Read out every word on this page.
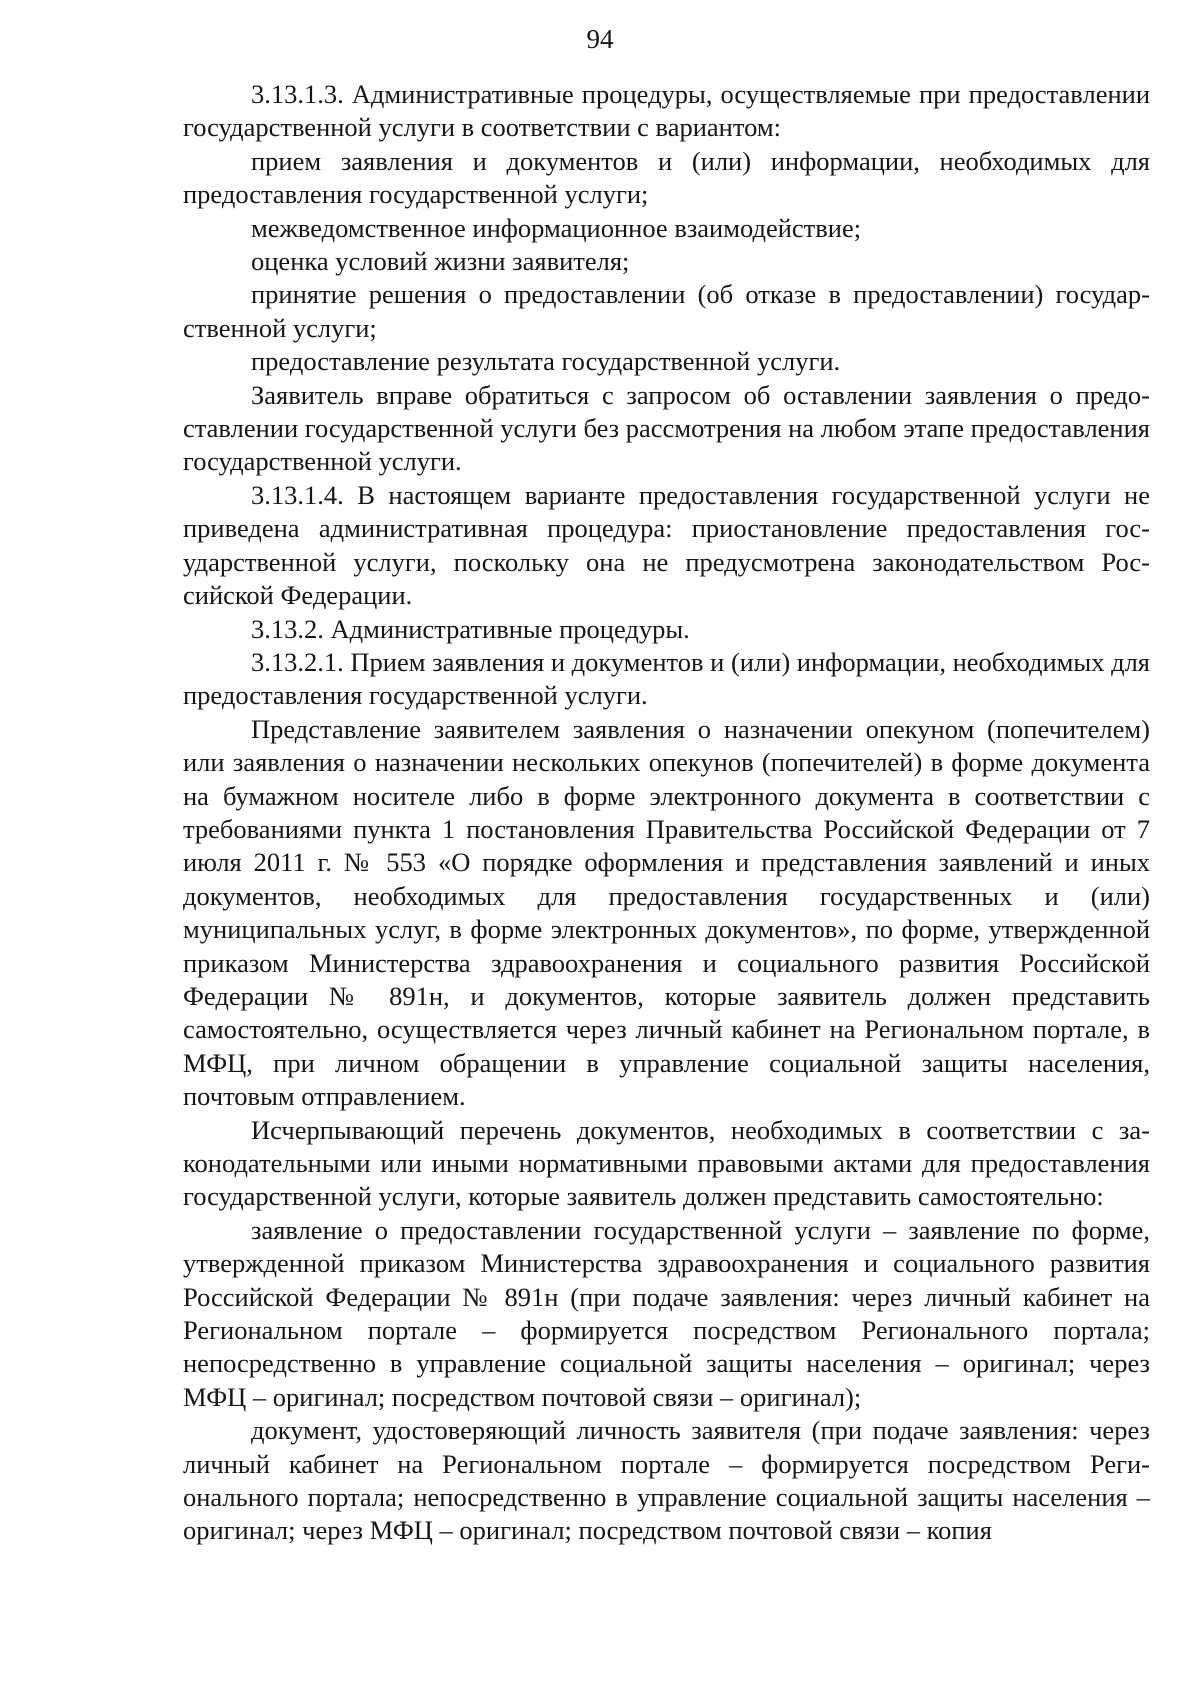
94

3.13.1.3. Административные процедуры, осуществляемые при предоставлении государственной услуги в соответствии с вариантом:

прием заявления и документов и (или) информации, необходимых для предоставления государственной услуги;

межведомственное информационное взаимодействие;

оценка условий жизни заявителя;

принятие решения о предоставлении (об отказе в предоставлении) государственной услуги;

предоставление результата государственной услуги.

Заявитель вправе обратиться с запросом об оставлении заявления о предоставлении государственной услуги без рассмотрения на любом этапе предоставления государственной услуги.

3.13.1.4. В настоящем варианте предоставления государственной услуги не приведена административная процедура: приостановление предоставления государственной услуги, поскольку она не предусмотрена законодательством Российской Федерации.

3.13.2. Административные процедуры.

3.13.2.1. Прием заявления и документов и (или) информации, необходимых для предоставления государственной услуги.

Представление заявителем заявления о назначении опекуном (попечителем) или заявления о назначении нескольких опекунов (попечителей) в форме документа на бумажном носителе либо в форме электронного документа в соответствии с требованиями пункта 1 постановления Правительства Российской Федерации от 7 июля 2011 г. № 553 «О порядке оформления и представления заявлений и иных документов, необходимых для предоставления государственных и (или) муниципальных услуг, в форме электронных документов», по форме, утвержденной приказом Министерства здравоохранения и социального развития Российской Федерации № 891н, и документов, которые заявитель должен представить самостоятельно, осуществляется через личный кабинет на Региональном портале, в МФЦ, при личном обращении в управление социальной защиты населения, почтовым отправлением.

Исчерпывающий перечень документов, необходимых в соответствии с законодательными или иными нормативными правовыми актами для предоставления государственной услуги, которые заявитель должен представить самостоятельно:

заявление о предоставлении государственной услуги – заявление по форме, утвержденной приказом Министерства здравоохранения и социального развития Российской Федерации № 891н (при подаче заявления: через личный кабинет на Региональном портале – формируется посредством Регионального портала; непосредственно в управление социальной защиты населения – оригинал; через МФЦ – оригинал; посредством почтовой связи – оригинал);

документ, удостоверяющий личность заявителя (при подаче заявления: через личный кабинет на Региональном портале – формируется посредством Регионального портала; непосредственно в управление социальной защиты населения – оригинал; через МФЦ – оригинал; посредством почтовой связи – копия
